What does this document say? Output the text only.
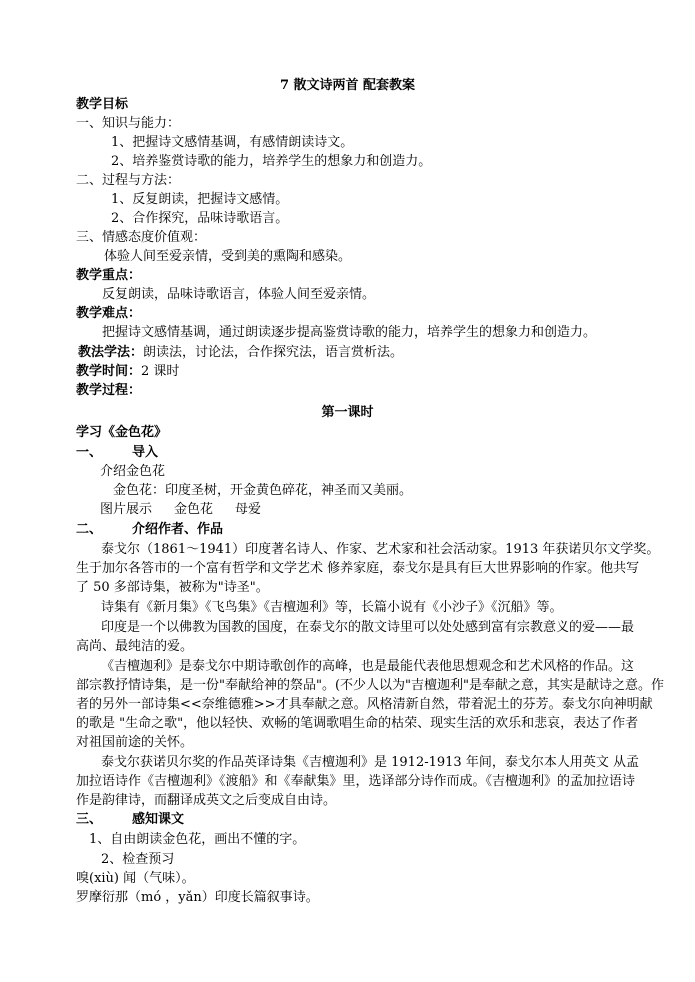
7 散文诗两首 配套教案
教学目标
一、知识与能力：
1、把握诗文感情基调，有感情朗读诗文。
2、培养鉴赏诗歌的能力，培养学生的想象力和创造力。
二、过程与方法：
1、反复朗读，把握诗文感情。
2、合作探究，品味诗歌语言。
三、情感态度价值观：
体验人间至爱亲情，受到美的熏陶和感染。
教学重点：
反复朗读，品味诗歌语言，体验人间至爱亲情。
教学难点：
把握诗文感情基调，通过朗读逐步提高鉴赏诗歌的能力，培养学生的想象力和创造力。
教法学法：朗读法，讨论法，合作探究法，语言赏析法。
教学时间：2 课时
教学过程：
第一课时
学习《金色花》
一、 导入
介绍金色花
金色花：印度圣树，开金黄色碎花，神圣而又美丽。
图片展示 金色花 母爱
二、 介绍作者、作品
泰戈尔（1861～1941）印度著名诗人、作家、艺术家和社会活动家。1913 年获诺贝尔文学奖。
生于加尔各答市的一个富有哲学和文学艺术 修养家庭，泰戈尔是具有巨大世界影响的作家。他共写
了 50 多部诗集，被称为"诗圣"。
诗集有《新月集》《飞鸟集》《吉檀迦利》等，长篇小说有《小沙子》《沉船》等。
印度是一个以佛教为国教的国度，在泰戈尔的散文诗里可以处处感到富有宗教意义的爱——最
高尚、最纯洁的爱。
《吉檀迦利》是泰戈尔中期诗歌创作的高峰，也是最能代表他思想观念和艺术风格的作品。这
部宗教抒情诗集，是一份"奉献给神的祭品"。(不少人以为"吉檀迦利"是奉献之意，其实是献诗之意。作
者的另外一部诗集<<奈维德雅>>才具奉献之意。风格清新自然，带着泥土的芬芳。泰戈尔向神明献
的歌是 "生命之歌"，他以轻快、欢畅的笔调歌唱生命的枯荣、现实生活的欢乐和悲哀，表达了作者
对祖国前途的关怀。
泰戈尔获诺贝尔奖的作品英译诗集《吉檀迦利》是 1912-1913 年间，泰戈尔本人用英文 从孟
加拉语诗作《吉檀迦利》《渡船》和《奉献集》里，选译部分诗作而成。《吉檀迦利》的孟加拉语诗
作是韵律诗，而翻译成英文之后变成自由诗。
三、 感知课文
1、自由朗读金色花，画出不懂的字。
2、检查预习
嗅(xiù) 闻（气味）。
罗摩衍那（mó ，yǎn）印度长篇叙事诗。
